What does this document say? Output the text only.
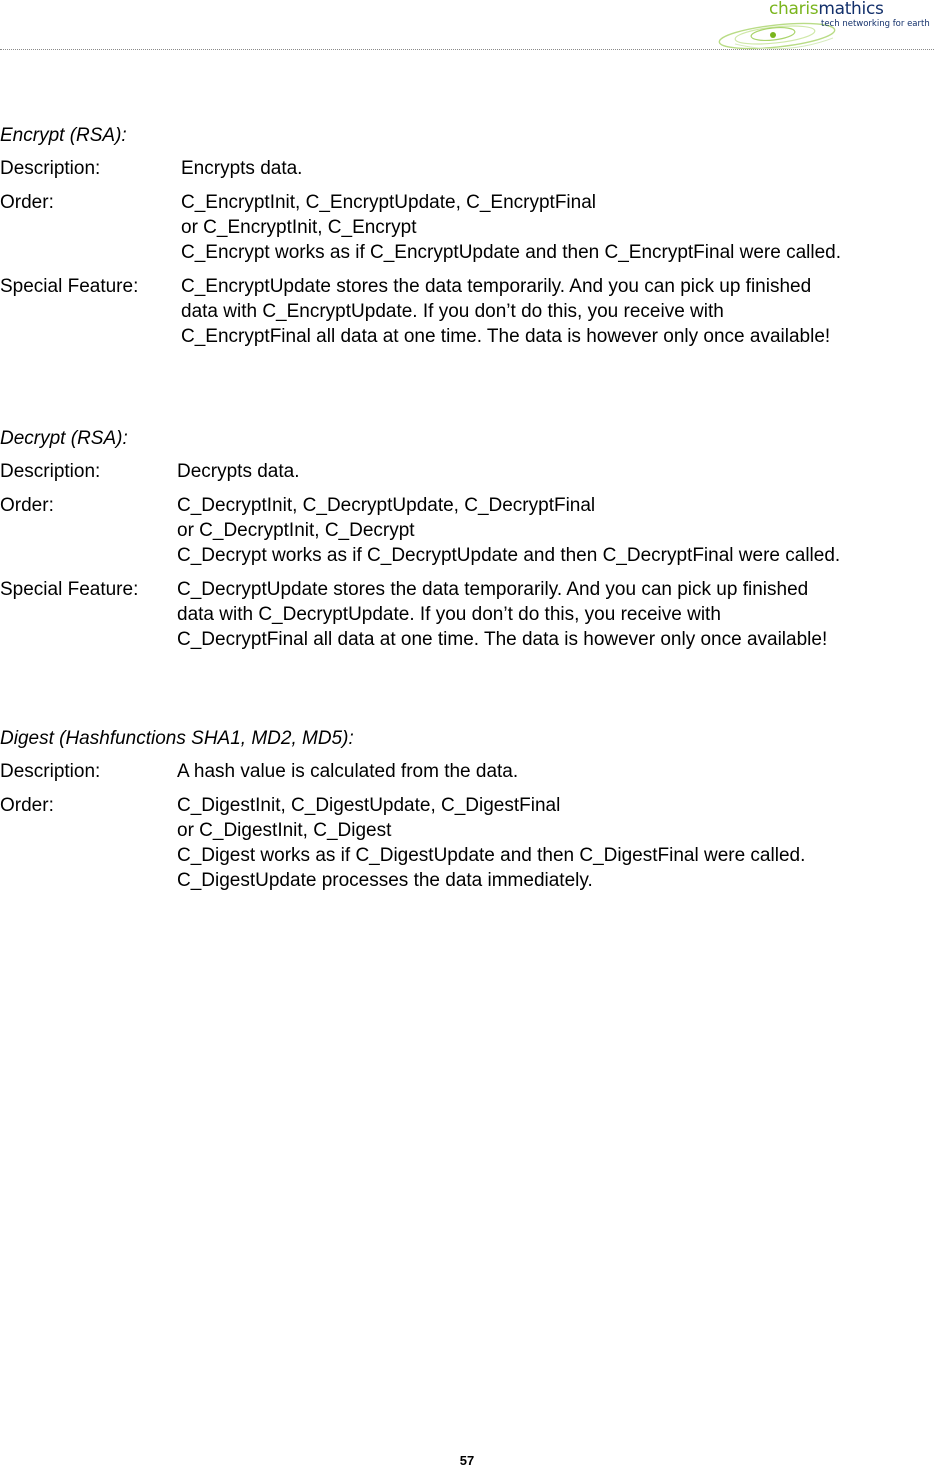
charismathics
tech networking for earth
Encrypt (RSA):
Description:	Encrypts data.
Order:	C_EncryptInit, C_EncryptUpdate, C_EncryptFinal
or C_EncryptInit, C_Encrypt
C_Encrypt works as if C_EncryptUpdate and then C_EncryptFinal were called.
Special Feature:	C_EncryptUpdate stores the data temporarily. And you can pick up finished
data with C_EncryptUpdate. If you don’t do this, you receive with
C_EncryptFinal all data at one time. The data is however only once available!
Decrypt (RSA):
Description:	Decrypts data.
Order:	C_DecryptInit, C_DecryptUpdate, C_DecryptFinal
or C_DecryptInit, C_Decrypt
C_Decrypt works as if C_DecryptUpdate and then C_DecryptFinal were called.
Special Feature:	C_DecryptUpdate stores the data temporarily. And you can pick up finished
data with C_DecryptUpdate. If you don’t do this, you receive with
C_DecryptFinal all data at one time. The data is however only once available!
Digest (Hashfunctions SHA1, MD2, MD5):
Description:	A hash value is calculated from the data.
Order:	C_DigestInit, C_DigestUpdate, C_DigestFinal
or C_DigestInit, C_Digest
C_Digest works as if C_DigestUpdate and then C_DigestFinal were called.
C_DigestUpdate processes the data immediately.
57
